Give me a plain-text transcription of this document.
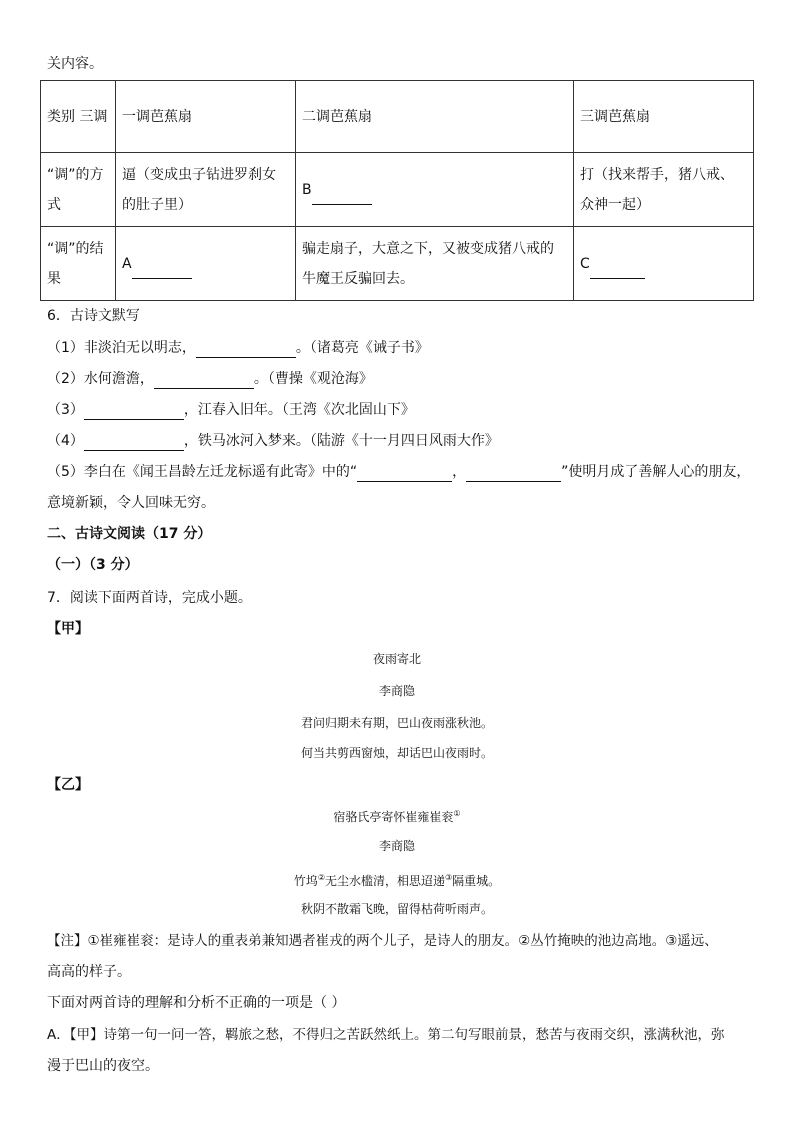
关内容。
类别 三调	一调芭蕉扇	二调芭蕉扇	三调芭蕉扇
“调”的方式	逼（变成虫子钻进罗刹女的肚子里）	B	打（找来帮手，猪八戒、众神一起）
“调”的结果	A	骗走扇子，大意之下，又被变成猪八戒的牛魔王反骗回去。	C
6．古诗文默写
（1）非淡泊无以明志，	。（诸葛亮《诫子书》
（2）水何澹澹，	。（曹操《观沧海》
（3）	，江春入旧年。（王湾《次北固山下》
（4）	，铁马冰河入梦来。（陆游《十一月四日风雨大作》
（5）李白在《闻王昌龄左迁龙标遥有此寄》中的“	，	”使明月成了善解人心的朋友，
意境新颖，令人回味无穷。
二、古诗文阅读（17 分）
（一）（3 分）
7．阅读下面两首诗，完成小题。
【甲】
夜雨寄北
李商隐
君问归期未有期，巴山夜雨涨秋池。
何当共剪西窗烛，却话巴山夜雨时。
【乙】
宿骆氏亭寄怀崔雍崔衮①
李商隐
竹坞②无尘水槛清，相思迢递③隔重城。
秋阴不散霜飞晚，留得枯荷听雨声。
【注】①崔雍崔衮：是诗人的重表弟兼知遇者崔戎的两个儿子，是诗人的朋友。②丛竹掩映的池边高地。③遥远、
高高的样子。
下面对两首诗的理解和分析不正确的一项是（ ）
A．【甲】诗第一句一问一答，羁旅之愁，不得归之苦跃然纸上。第二句写眼前景，愁苦与夜雨交织，涨满秋池，弥
漫于巴山的夜空。
